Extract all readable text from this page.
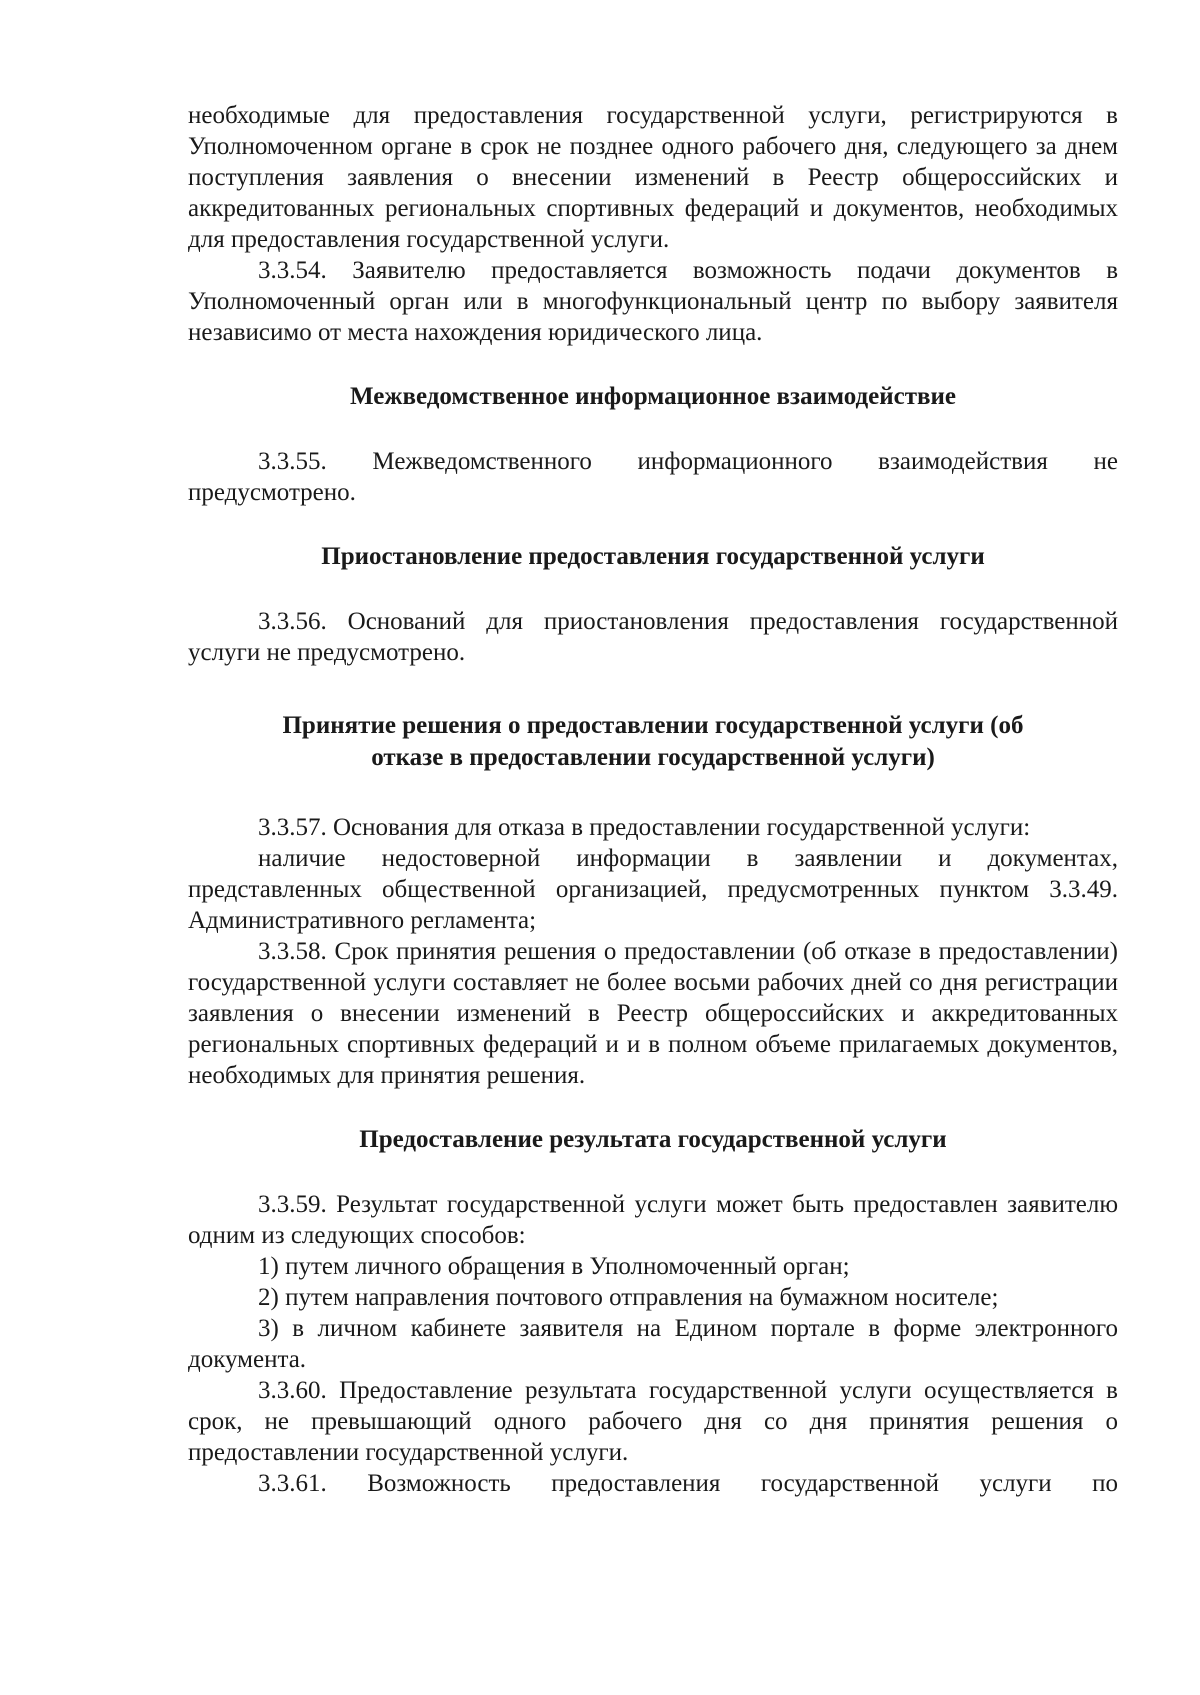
необходимые для предоставления государственной услуги, регистрируются в Уполномоченном органе в срок не позднее одного рабочего дня, следующего за днем поступления заявления о внесении изменений в Реестр общероссийских и аккредитованных региональных спортивных федераций и документов, необходимых для предоставления государственной услуги.

3.3.54. Заявителю предоставляется возможность подачи документов в Уполномоченный орган или в многофункциональный центр по выбору заявителя независимо от места нахождения юридического лица.

Межведомственное информационное взаимодействие

3.3.55. Межведомственного информационного взаимодействия не предусмотрено.

Приостановление предоставления государственной услуги

3.3.56. Оснований для приостановления предоставления государственной услуги не предусмотрено.

Принятие решения о предоставлении государственной услуги (об

отказе в предоставлении государственной услуги)

3.3.57. Основания для отказа в предоставлении государственной услуги:

наличие недостоверной информации в заявлении и документах, представленных общественной организацией, предусмотренных пунктом 3.3.49. Административного регламента;

3.3.58. Срок принятия решения о предоставлении (об отказе в предоставлении) государственной услуги составляет не более восьми рабочих дней со дня регистрации заявления о внесении изменений в Реестр общероссийских и аккредитованных региональных спортивных федераций и и в полном объеме прилагаемых документов, необходимых для принятия решения.

Предоставление результата государственной услуги

3.3.59. Результат государственной услуги может быть предоставлен заявителю одним из следующих способов:

1) путем личного обращения в Уполномоченный орган;

2) путем направления почтового отправления на бумажном носителе;

3) в личном кабинете заявителя на Едином портале в форме электронного документа.

3.3.60. Предоставление результата государственной услуги осуществляется в срок, не превышающий одного рабочего дня со дня принятия решения о предоставлении государственной услуги.

3.3.61. Возможность предоставления государственной услуги по
